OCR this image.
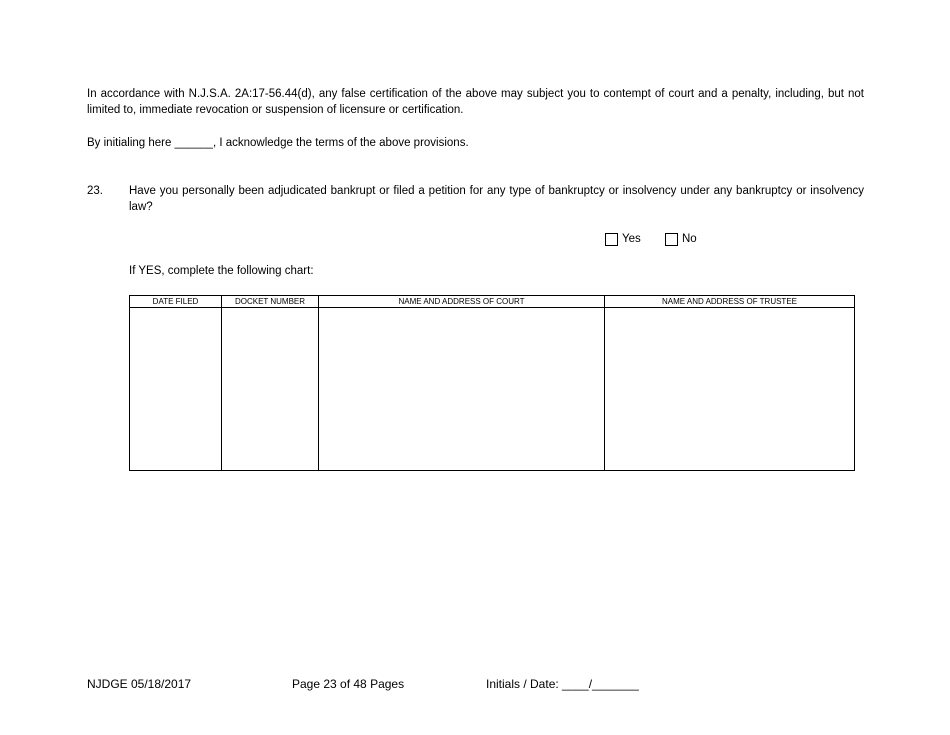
In accordance with N.J.S.A. 2A:17-56.44(d), any false certification of the above may subject you to contempt of court and a penalty, including, but not limited to, immediate revocation or suspension of licensure or certification.

By initialing here ______, I acknowledge the terms of the above provisions.

23. Have you personally been adjudicated bankrupt or filed a petition for any type of bankruptcy or insolvency under any bankruptcy or insolvency law?

Yes	No
If YES, complete the following chart:
DATE FILED	DOCKET NUMBER	NAME AND ADDRESS OF COURT	NAME AND ADDRESS OF TRUSTEE

NJDGE 05/18/2017	Page 23 of 48 Pages	Initials / Date: ____/_______
